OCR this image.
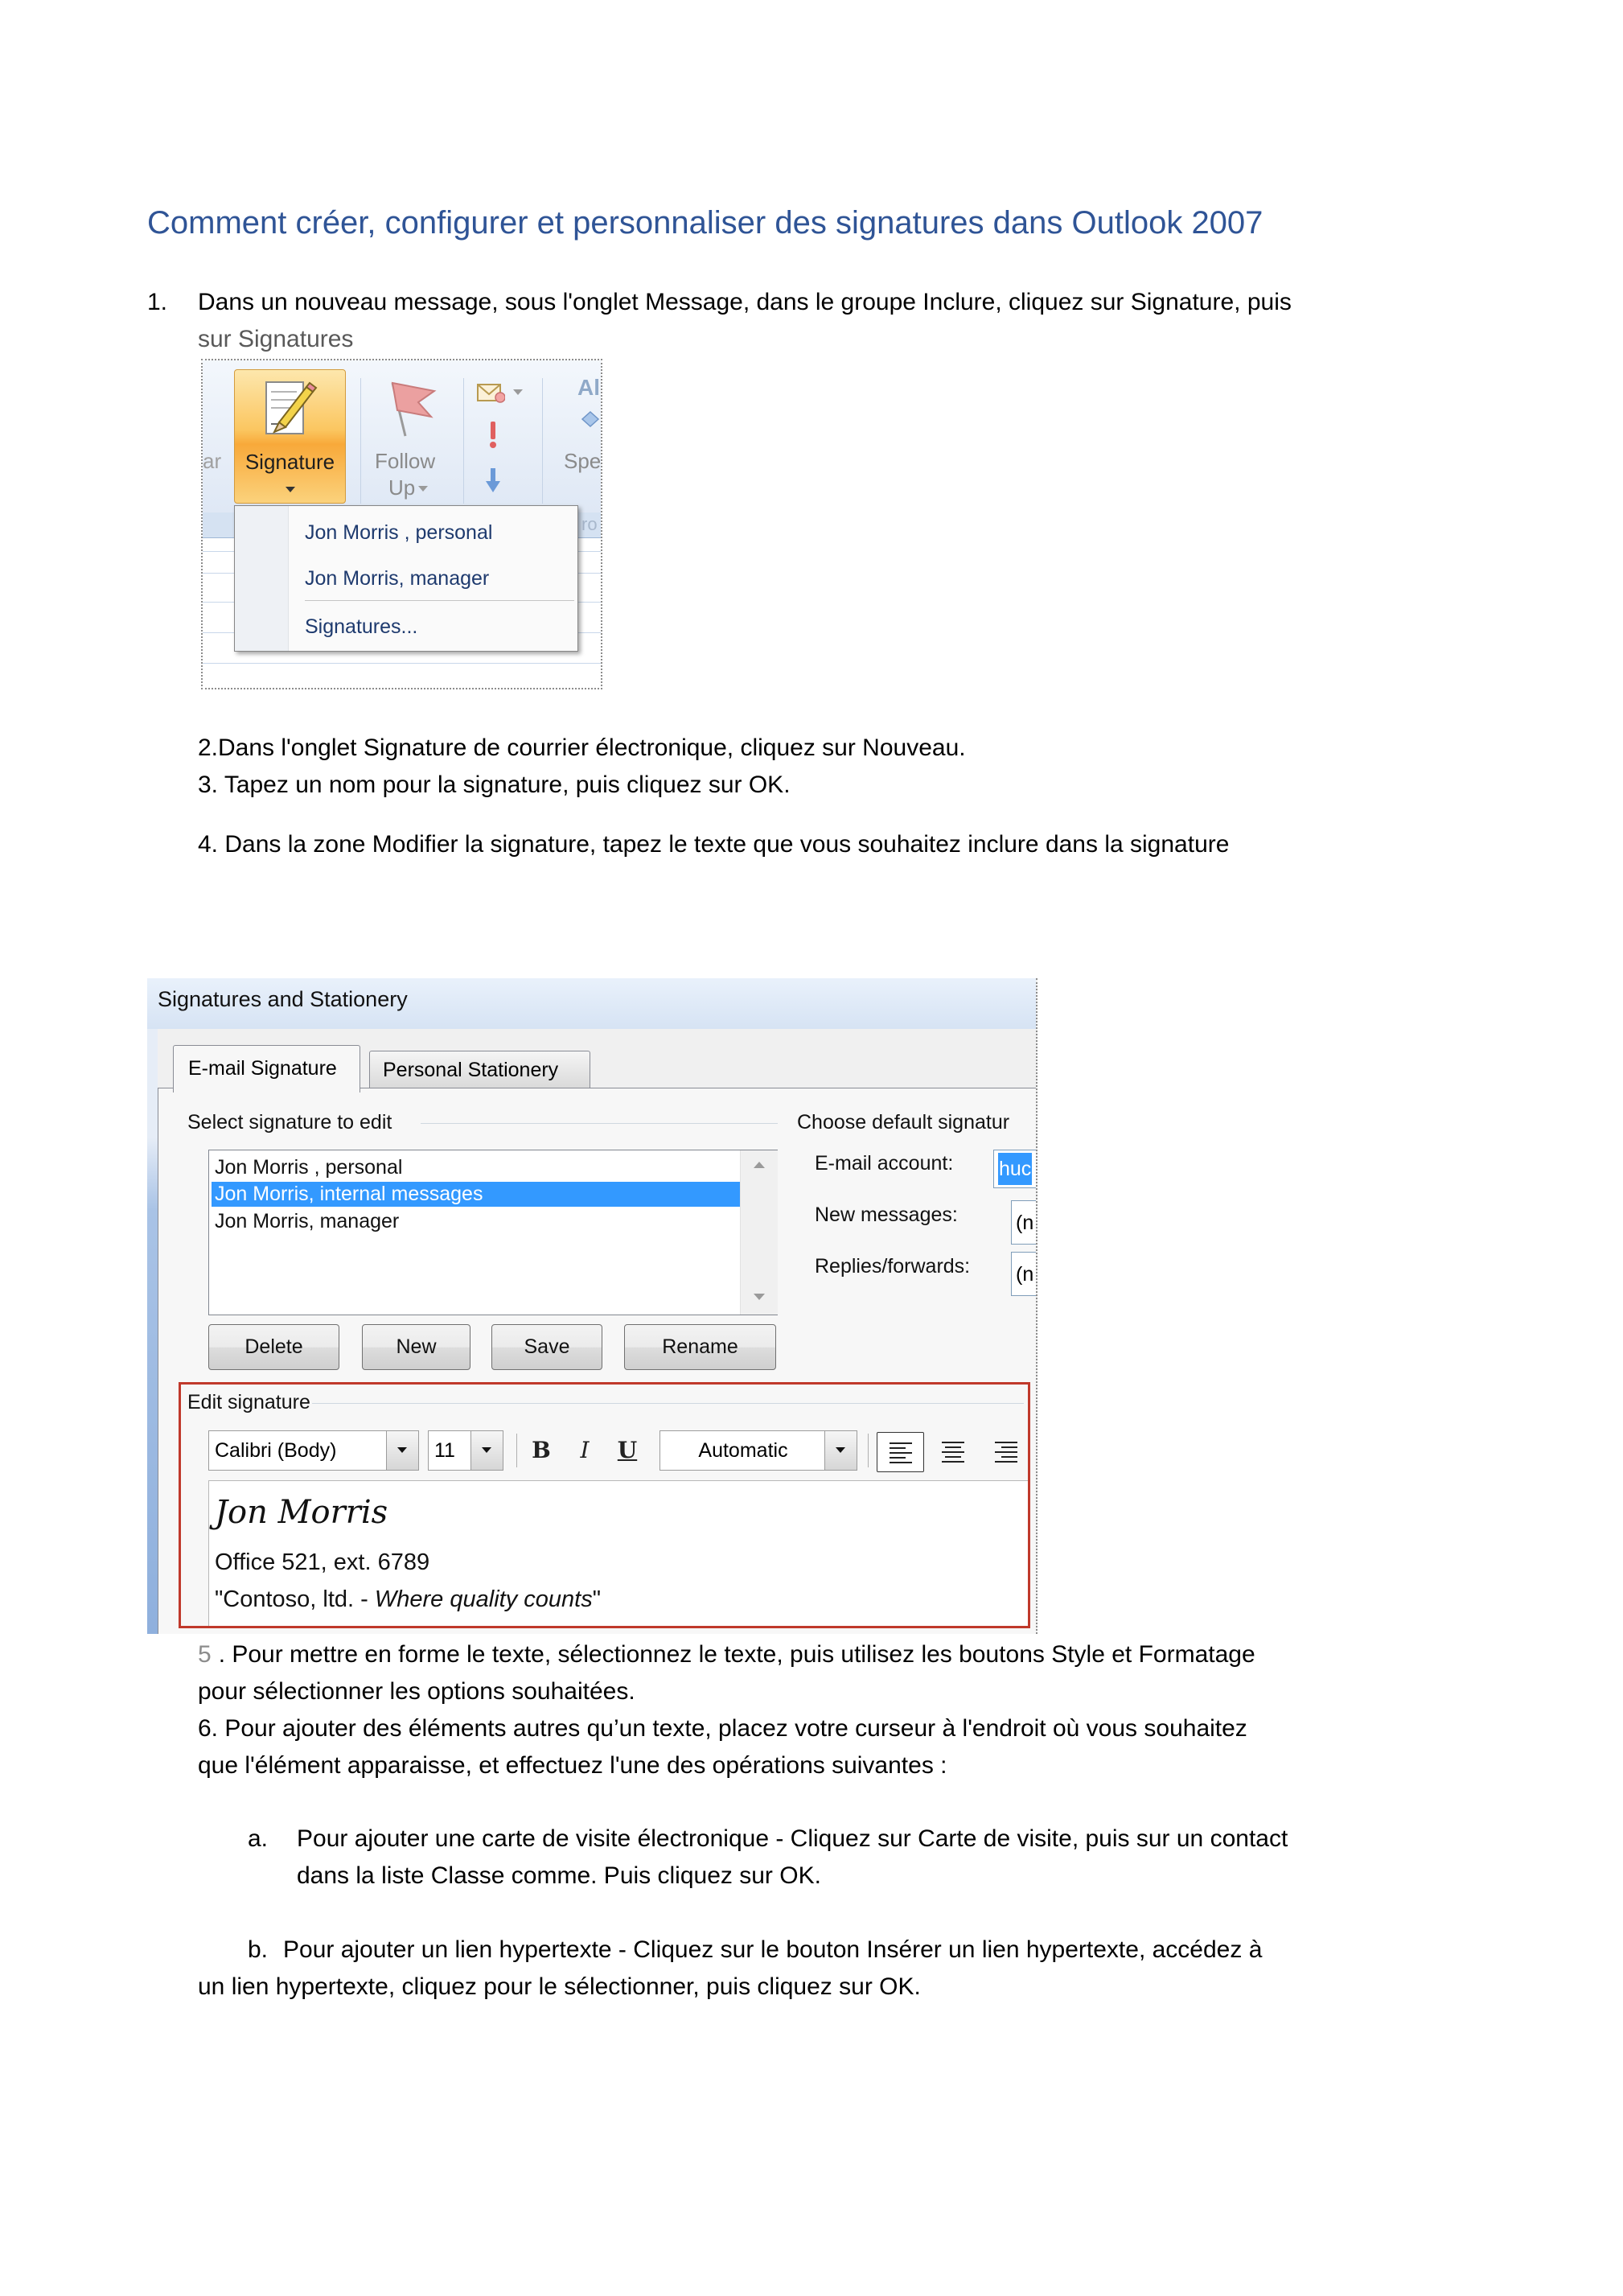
Comment créer, configurer et personnaliser des signatures dans Outlook 2007
1. Dans un nouveau message, sous l'onglet Message, dans le groupe Inclure, cliquez sur Signature, puis
sur Signatures
ar	Signature	Follow
Up
Al
Spe
ro
Jon Morris , personal
Jon Morris, manager
Signatures...
2.Dans l'onglet Signature de courrier électronique, cliquez sur Nouveau.
3. Tapez un nom pour la signature, puis cliquez sur OK.
4. Dans la zone Modifier la signature, tapez le texte que vous souhaitez inclure dans la signature
Signatures and Stationery
E-mail Signature Personal Stationery
Select signature to edit	Choose default signatur
Jon Morris , personal
Jon Morris, internal messages
Jon Morris, manager
E-mail account: huc
New messages:	(n
Replies/forwards: (n
Delete	New	Save	Rename
Edit signature
Calibri (Body)	11	B	I	U	Automatic
Jon Morris
Office 521, ext. 6789
"Contoso, ltd. - Where quality counts"
5 . Pour mettre en forme le texte, sélectionnez le texte, puis utilisez les boutons Style et Formatage
pour sélectionner les options souhaitées.
6. Pour ajouter des éléments autres qu’un texte, placez votre curseur à l'endroit où vous souhaitez
que l'élément apparaisse, et effectuez l'une des opérations suivantes :
a. Pour ajouter une carte de visite électronique - Cliquez sur Carte de visite, puis sur un contact
dans la liste Classe comme. Puis cliquez sur OK.
b. Pour ajouter un lien hypertexte - Cliquez sur le bouton Insérer un lien hypertexte, accédez à
un lien hypertexte, cliquez pour le sélectionner, puis cliquez sur OK.
